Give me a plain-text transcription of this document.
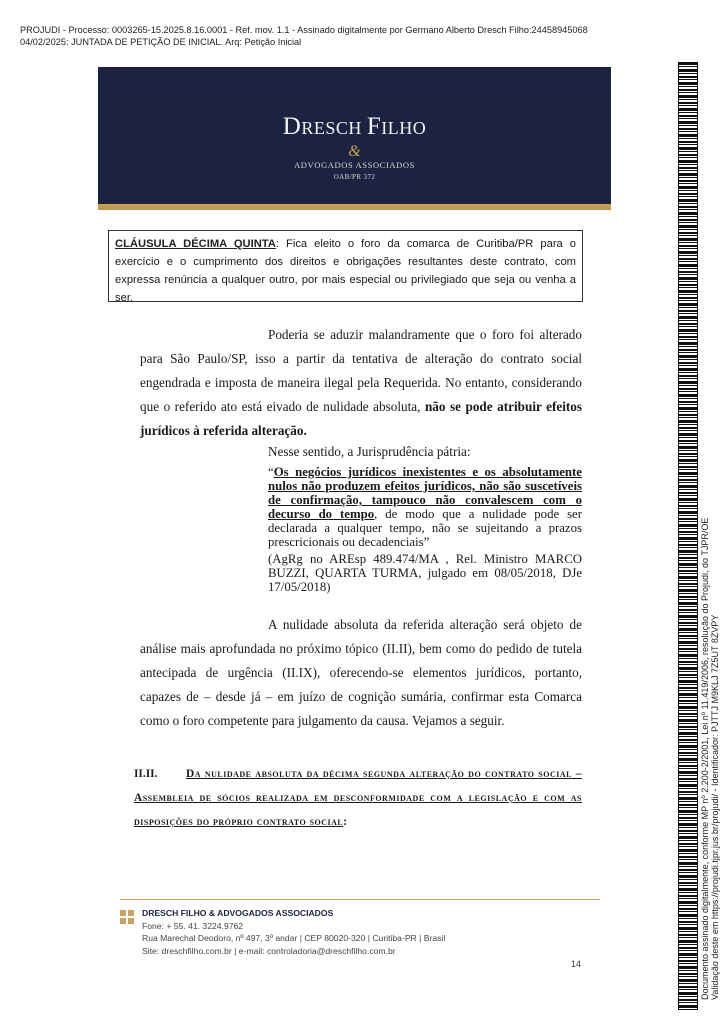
PROJUDI - Processo: 0003265-15.2025.8.16.0001 - Ref. mov. 1.1 - Assinado digitalmente por Germano Alberto Dresch Filho:24458945068
04/02/2025: JUNTADA DE PETIÇÃO DE INICIAL. Arq: Petição Inicial
DRESCH FILHO
&
ADVOGADOS ASSOCIADOS
OAB/PR 372
Documento assinado digitalmente, conforme MP nº 2.200-2/2001, Lei nº 11.419/2006, resolução do Projudi, do TJPR/OE Validação deste em https://projudi.tjpr.jus.br/projudi/ - Identificador: PJTTJ M9KLJ 7Z5UT 8ZVPY
CLÁUSULA DÉCIMA QUINTA: Fica eleito o foro da comarca de Curitiba/PR para o exercício e o cumprimento dos direitos e obrigações resultantes deste contrato, com expressa renúncia a qualquer outro, por mais especial ou privilegiado que seja ou venha a ser.
Poderia se aduzir malandramente que o foro foi alterado para São Paulo/SP, isso a partir da tentativa de alteração do contrato social engendrada e imposta de maneira ilegal pela Requerida. No entanto, considerando que o referido ato está eivado de nulidade absoluta, não se pode atribuir efeitos jurídicos à referida alteração.
Nesse sentido, a Jurisprudência pátria:
“Os negócios jurídicos inexistentes e os absolutamente nulos não produzem efeitos jurídicos, não são suscetíveis de confirmação, tampouco não convalescem com o decurso do tempo, de modo que a nulidade pode ser declarada a qualquer tempo, não se sujeitando a prazos prescricionais ou decadenciais”
(AgRg no AREsp 489.474/MA , Rel. Ministro MARCO BUZZI, QUARTA TURMA, julgado em 08/05/2018, DJe 17/05/2018)
A nulidade absoluta da referida alteração será objeto de análise mais aprofundada no próximo tópico (II.II), bem como do pedido de tutela antecipada de urgência (II.IX), oferecendo-se elementos jurídicos, portanto, capazes de – desde já – em juízo de cognição sumária, confirmar esta Comarca como o foro competente para julgamento da causa. Vejamos a seguir.
II.II.	Da nulidade absoluta da décima segunda alteração do contrato social – Assembleia de sócios realizada em desconformidade com a legislação e com as disposições do próprio contrato social:
DRESCH FILHO & ADVOGADOS ASSOCIADOS
Fone: + 55. 41. 3224.9762
Rua Marechal Deodoro, nº 497, 3º andar | CEP 80020-320 | Curitiba-PR | Brasil
Site: dreschfilho.com.br | e-mail: controladoria@dreschfilho.com.br
14
